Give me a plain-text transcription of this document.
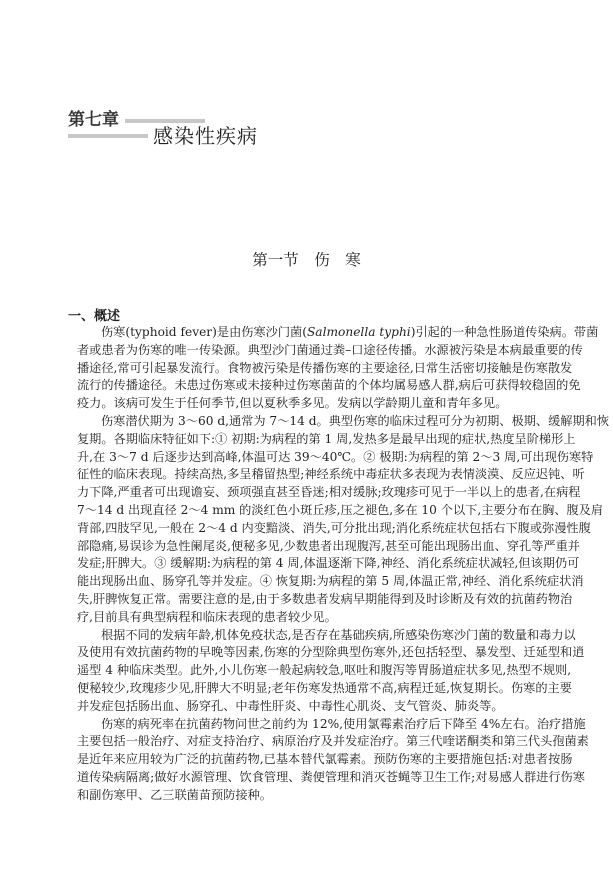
第七章
感染性疾病
第一节　伤　寒
一、概述
伤寒(typhoid fever)是由伤寒沙门菌(Salmonella typhi)引起的一种急性肠道传染病。带菌
者或患者为伤寒的唯一传染源。典型沙门菌通过粪–口途径传播。水源被污染是本病最重要的传
播途径,常可引起暴发流行。食物被污染是传播伤寒的主要途径,日常生活密切接触是伤寒散发
流行的传播途径。未患过伤寒或未接种过伤寒菌苗的个体均属易感人群,病后可获得较稳固的免
疫力。该病可发生于任何季节,但以夏秋季多见。发病以学龄期儿童和青年多见。
伤寒潜伏期为 3～60 d,通常为 7～14 d。典型伤寒的临床过程可分为初期、极期、缓解期和恢
复期。各期临床特征如下:① 初期:为病程的第 1 周,发热多是最早出现的症状,热度呈阶梯形上
升,在 3～7 d 后逐步达到高峰,体温可达 39～40℃。② 极期:为病程的第 2～3 周,可出现伤寒特
征性的临床表现。持续高热,多呈稽留热型;神经系统中毒症状多表现为表情淡漠、反应迟钝、听
力下降,严重者可出现谵妄、颈项强直甚至昏迷;相对缓脉;玫瑰疹可见于一半以上的患者,在病程
7～14 d 出现直径 2～4 mm 的淡红色小斑丘疹,压之褪色,多在 10 个以下,主要分布在胸、腹及肩
背部,四肢罕见,一般在 2～4 d 内变黯淡、消失,可分批出现;消化系统症状包括右下腹或弥漫性腹
部隐痛,易误诊为急性阑尾炎,便秘多见,少数患者出现腹泻,甚至可能出现肠出血、穿孔等严重并
发症;肝脾大。③ 缓解期:为病程的第 4 周,体温逐渐下降,神经、消化系统症状减轻,但该期仍可
能出现肠出血、肠穿孔等并发症。④ 恢复期:为病程的第 5 周,体温正常,神经、消化系统症状消
失,肝脾恢复正常。需要注意的是,由于多数患者发病早期能得到及时诊断及有效的抗菌药物治
疗,目前具有典型病程和临床表现的患者较少见。
根据不同的发病年龄,机体免疫状态,是否存在基础疾病,所感染伤寒沙门菌的数量和毒力以
及使用有效抗菌药物的早晚等因素,伤寒的分型除典型伤寒外,还包括轻型、暴发型、迁延型和逍
遥型 4 种临床类型。此外,小儿伤寒一般起病较急,呕吐和腹泻等胃肠道症状多见,热型不规则,
便秘较少,玫瑰疹少见,肝脾大不明显;老年伤寒发热通常不高,病程迁延,恢复期长。伤寒的主要
并发症包括肠出血、肠穿孔、中毒性肝炎、中毒性心肌炎、支气管炎、肺炎等。
伤寒的病死率在抗菌药物问世之前约为 12%,使用氯霉素治疗后下降至 4%左右。治疗措施
主要包括一般治疗、对症支持治疗、病原治疗及并发症治疗。第三代喹诺酮类和第三代头孢菌素
是近年来应用较为广泛的抗菌药物,已基本替代氯霉素。预防伤寒的主要措施包括:对患者按肠
道传染病隔离;做好水源管理、饮食管理、粪便管理和消灭苍蝇等卫生工作;对易感人群进行伤寒
和副伤寒甲、乙三联菌苗预防接种。
